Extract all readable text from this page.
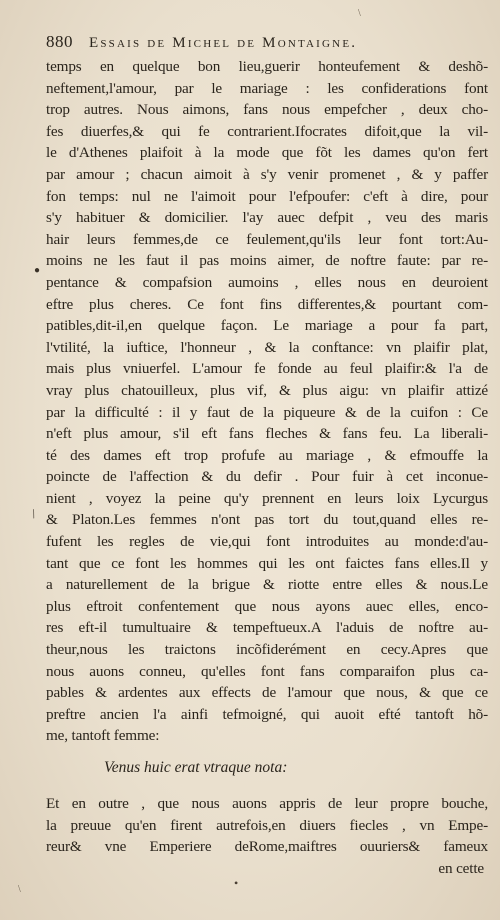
\
880 Essais de Michel de Montaigne.
●
/
temps en quelque bon lieu,guerir honteufement & deshõ-
neftement,l'amour, par le mariage : les confiderations font
trop autres. Nous aimons, fans nous empefcher , deux cho-
fes diuerfes,& qui fe contrarient.Ifocrates difoit,que la vil-
le d'Athenes plaifoit à la mode que fõt les dames qu'on fert
par amour ; chacun aimoit à s'y venir promenet , & y paffer
fon temps: nul ne l'aimoit pour l'efpoufer: c'eft à dire, pour
s'y habituer & domicilier. l'ay auec defpit , veu des maris
hair leurs femmes,de ce feulement,qu'ils leur font tort:Au-
moins ne les faut il pas moins aimer, de noftre faute: par re-
pentance & compafsion aumoins , elles nous en deuroient
eftre plus cheres. Ce font fins differentes,& pourtant com-
patibles,dit-il,en quelque façon. Le mariage a pour fa part,
l'vtilité, la iuftice, l'honneur , & la conftance: vn plaifir plat,
mais plus vniuerfel. L'amour fe fonde au feul plaifir:& l'a de
vray plus chatouilleux, plus vif, & plus aigu: vn plaifir attizé
par la difficulté : il y faut de la piqueure & de la cuifon : Ce
n'eft plus amour, s'il eft fans fleches & fans feu. La liberali-
té des dames eft trop profufe au mariage , & efmouffe la
poincte de l'affection & du defir . Pour fuir à cet inconue-
nient , voyez la peine qu'y prennent en leurs loix Lycurgus
& Platon.Les femmes n'ont pas tort du tout,quand elles re-
fufent les regles de vie,qui font introduites au monde:d'au-
tant que ce font les hommes qui les ont faictes fans elles.Il y
a naturellement de la brigue & riotte entre elles & nous.Le
plus eftroit confentement que nous ayons auec elles, enco-
res eft-il tumultuaire & tempeftueux.A l'aduis de noftre au-
theur,nous les traictons incõfiderément en cecy.Apres que
nous auons conneu, qu'elles font fans comparaifon plus ca-
pables & ardentes aux effects de l'amour que nous, & que ce
preftre ancien l'a ainfi tefmoigné, qui auoit efté tantoft hõ-
me, tantoft femme:
Venus huic erat vtraque nota:
Et en outre , que nous auons appris de leur propre bouche,
la preuue qu'en firent autrefois,en diuers fiecles , vn Empe-
reur& vne Emperiere deRome,maiftres ouuriers& fameux
en cette
•
\
